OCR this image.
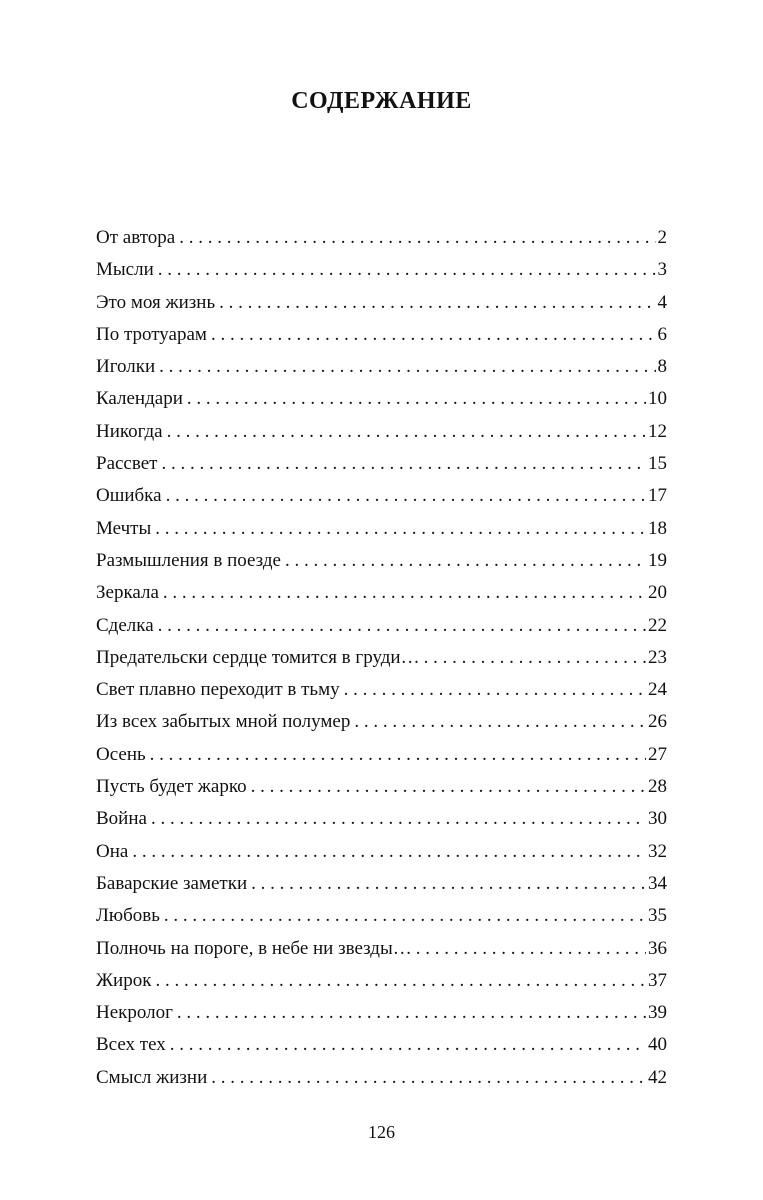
СОДЕРЖАНИЕ
От автора . . .	2
Мысли . . .	3
Это моя жизнь . . .	4
По тротуарам . . .	6
Иголки . . .	8
Календари . . .	10
Никогда . . .	12
Рассвет . . .	15
Ошибка . . .	17
Мечты . . .	18
Размышления в поезде . . .	19
Зеркала . . .	20
Сделка . . .	22
Предательски сердце томится в груди… . . .	23
Свет плавно переходит в тьму . . .	24
Из всех забытых мной полумер . . .	26
Осень . . .	27
Пусть будет жарко . . .	28
Война . . .	30
Она . . .	32
Баварские заметки . . .	34
Любовь . . .	35
Полночь на пороге, в небе ни звезды… . . .	36
Жирок . . .	37
Некролог . . .	39
Всех тех . . .	40
Смысл жизни . . .	42
126
